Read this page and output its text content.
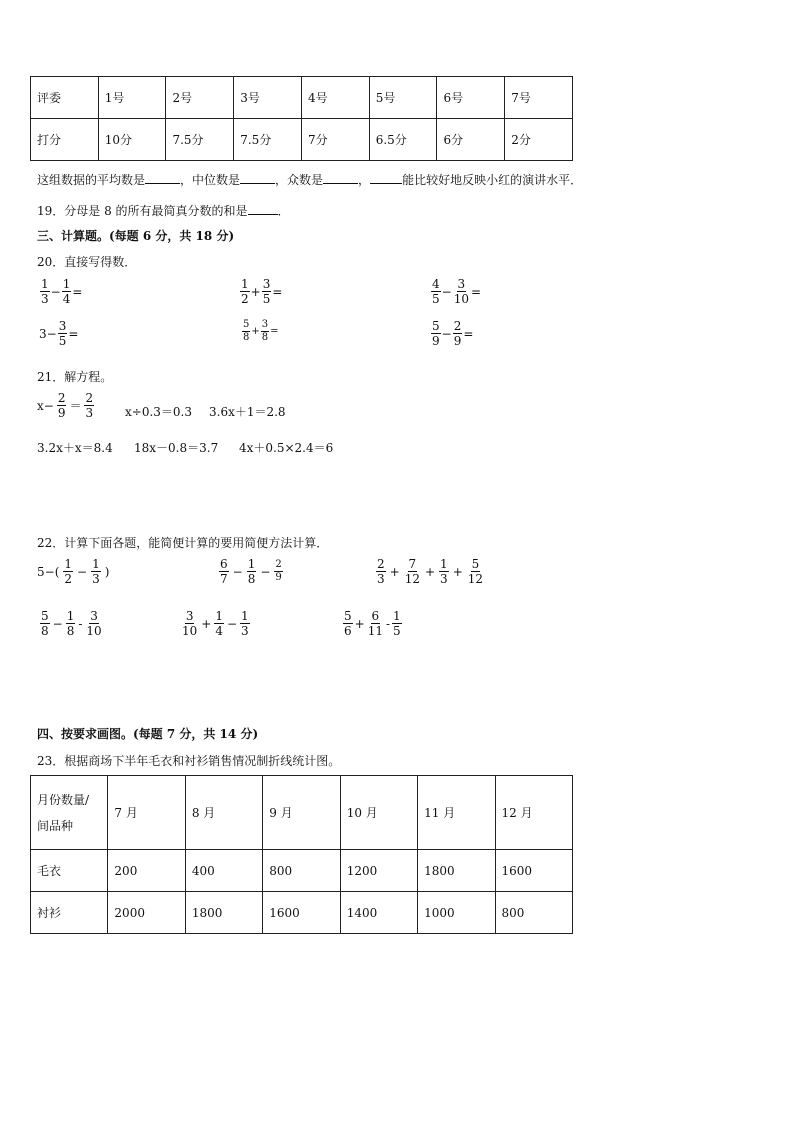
评委	1号	2号	3号	4号	5号	6号	7号
打分	10分	7.5分	7.5分	7分	6.5分	6分	2分
这组数据的平均数是	，中位数是	，众数是	，	能比较好地反映小红的演讲水平．
19．分母是 8 的所有最简真分数的和是	．
三、计算题。(每题 6 分，共 18 分)
20．直接写得数．
$\frac{1}{3} - \frac{1}{4}$ =	$\frac{1}{2} + \frac{3}{5}$ =	$\frac{4}{5} - \frac{3}{10}$ =
$3- \frac{3}{5}$ =	$\frac{5}{8} + \frac{3}{8}$ =	$\frac{5}{9} - \frac{2}{9}$ =
21．解方程。
$x- \frac{2}{9} = \frac{2}{3}$	x÷0.3＝0.3 3.6x＋1＝2.8
3.2x＋x＝8.4 18x－0.8＝3.7 4x＋0.5×2.4＝6
22．计算下面各题，能简便计算的要用简便方法计算．
$5-( \frac{1}{2} - \frac{1}{3}$ )	$\frac{6}{7} - \frac{1}{8} - \frac{2}{9}$	$\frac{2}{3} + \frac{7}{12} + \frac{1}{3} + \frac{5}{12}$
$\frac{5}{8} - \frac{1}{8} - \frac{3}{10}$	$\frac{3}{10} + \frac{1}{4} - \frac{1}{3}$	$\frac{5}{6} + \frac{6}{11} - \frac{1}{5}$
四、按要求画图。(每题 7 分，共 14 分)
23．根据商场下半年毛衣和衬衫销售情况制折线统计图。
月份数量/
间品种	7 月	8 月	9 月	10 月	11 月	12 月
毛衣	200	400	800	1200	1800	1600
衬衫	2000	1800	1600	1400	1000	800
